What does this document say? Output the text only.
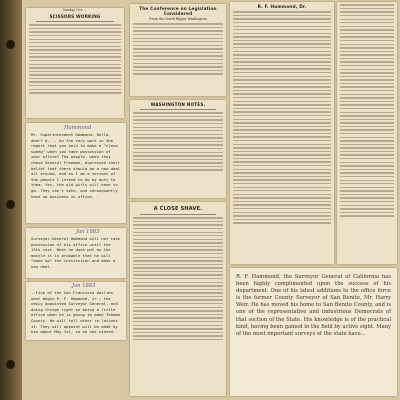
Sunday, Oct. ...
SCISSORS WORKING
Hammond
Mr. Superintendent Hammond: Hello, dear? A. -- On the very work in the report that you hold to make a "close sweep" when you take possession of your office? The people, when they chose General Freeman, expressed their belief that there should be a new deal all around, and as I am a servant of the people I intend to do my duty to them. Yes, the old girls will have to go. They can't vote, and consequently have no business in office.
Jan 1883
Surveyor-General Hammond will not take possession of his office until the 15th inst. When he does put on the mantle it is probable that he will "make up" the institution and make a new deal.
Jan 1883
--Five of the San Francisco dailies went begin R. F. Hammond, Jr., the newly appointed Surveyor General, and doing things right on being a little office when he is going to make Tehama County. He will tell other re-lations it. They will appoint will be made by him about May 1st, so he has stated.
The Conference on Legislation Considered
From the North Ripper Washington
WASHINGTON NOTES.
A CLOSE SHAVE.
R. F. Hammond, Dr.
R. F. Hammond, the Surveyor General of California has been highly complimented upon the success of his department. One of his latest additions to the office force is the former County Surveyor of San Benito, Mr. Harry Weir. He has moved his home to San Benito County, and is one of the representative and industrious Democrats of that section of the State. His knowledge is of the practical kind, having been gained in the field by active sight. Many of the most important surveys of the state have...
